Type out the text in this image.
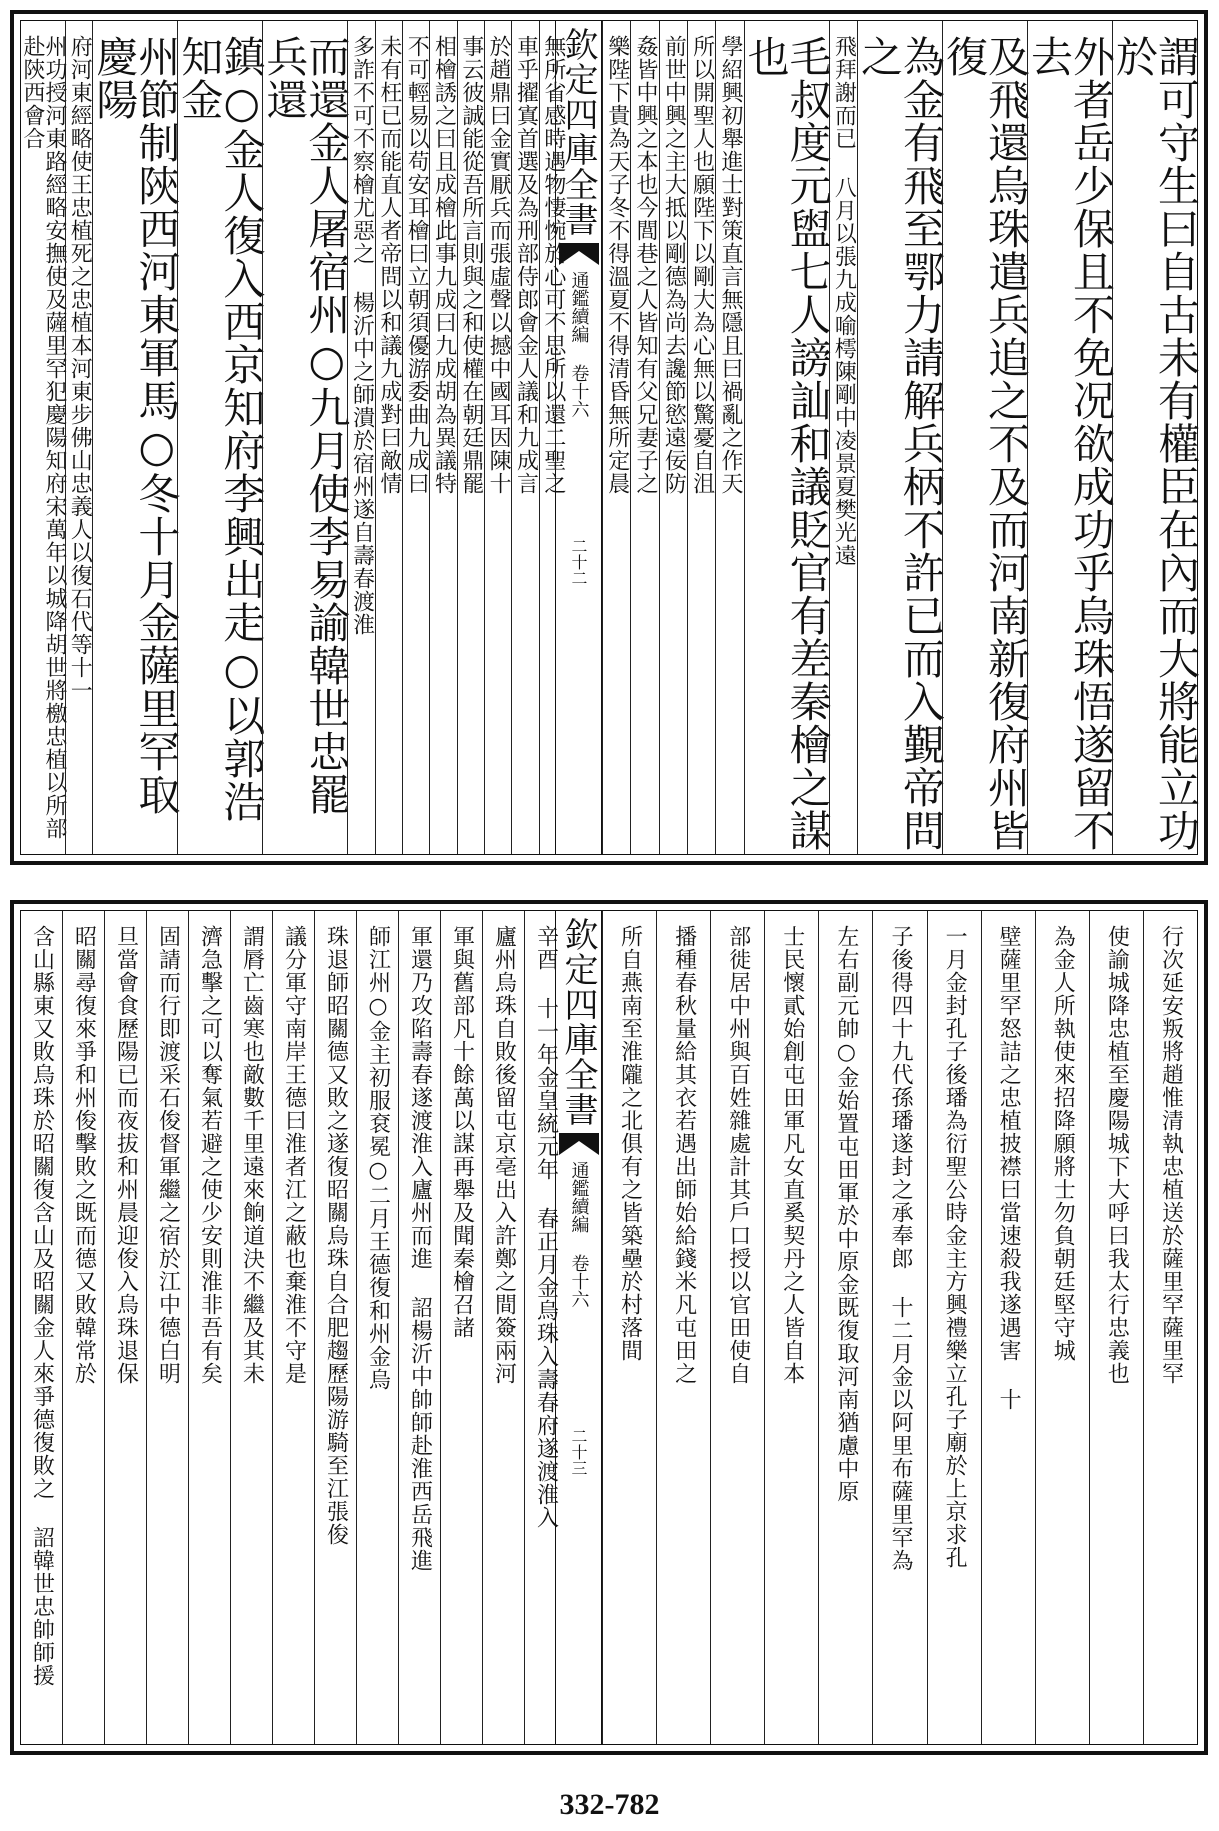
謂可守生曰自古未有權臣在內而大將能立功於
外者岳少保且不免况欲成功乎烏珠悟遂留不去
及飛還烏珠遣兵追之不及而河南新復府州皆復
為金有飛至鄂力請解兵柄不許已而入覲帝問之
飛拜謝而已 八月以張九成喻樗陳剛中凌景夏樊光遠
毛叔度元盥七人謗訕和議貶官有差秦檜之謀也
學紹興初舉進士對策直言無隱且曰禍亂之作天
所以開聖人也願陛下以剛大為心無以驚憂自沮
前世中興之主大抵以剛德為尚去讒節慾遠佞防
姦皆中興之本也今閭巷之人皆知有父兄妻子之
樂陛下貴為天子冬不得溫夏不得清昏無所定晨
欽定四庫全書
通鑑續編 卷十六
二十二
無所省感時遇物悽惋於心可不思所以還二聖之
車乎擢寘首選及為刑部侍郎會金人議和九成言
於趙鼎曰金實厭兵而張虛聲以撼中國耳因陳十
事云彼誠能從吾所言則與之和使權在朝廷鼎罷
相檜誘之曰且成檜此事九成曰九成胡為異議特
不可輕易以苟安耳檜曰立朝須優游委曲九成曰
未有枉已而能直人者帝問以和議九成對曰敵情
多詐不可不察檜尤惡之 楊沂中之師潰於宿州遂自壽春渡淮
而還金人屠宿州○九月使李易諭韓世忠罷兵還
鎮○金人復入西京知府李興出走○以郭浩知金
州節制陝西河東軍馬○冬十月金薩里罕取慶陽
府河東經略使王忠植死之忠植本河東步佛山忠義人以復石代等十一
州功授河東路經略安撫使及薩里罕犯慶陽知府宋萬年以城降胡世將檄忠植以所部赴陝西會合
行次延安叛將趙惟清執忠植送於薩里罕薩里罕
使諭城降忠植至慶陽城下大呼曰我太行忠義也
為金人所執使來招降願將士勿負朝廷堅守城
壁薩里罕怒詰之忠植披襟曰當速殺我遂遇害 十
一月金封孔子後璠為衍聖公時金主方興禮樂立孔子廟於上京求孔
子後得四十九代孫璠遂封之承奉郎 十二月金以阿里布薩里罕為
左右副元帥○金始置屯田軍於中原金既復取河南猶慮中原
士民懷貳始創屯田軍凡女直奚契丹之人皆自本
部徙居中州與百姓雜處計其戶口授以官田使自
播種春秋量給其衣若遇出師始給錢米凡屯田之
所自燕南至淮隴之北俱有之皆築壘於村落間
欽定四庫全書
通鑑續編 卷十六
二十三
辛酉 十一年金皇統元年 春正月金烏珠入壽春府遂渡淮入
廬州烏珠自敗後留屯京亳出入許鄭之間簽兩河
軍與舊部凡十餘萬以謀再舉及聞秦檜召諸
軍還乃攻陷壽春遂渡淮入廬州而進 詔楊沂中帥師赴淮西岳飛進
師江州○金主初服袞冕○二月王德復和州金烏
珠退師昭關德又敗之遂復昭關烏珠自合肥趨歷陽游騎至江張俊
議分軍守南岸王德曰淮者江之蔽也棄淮不守是
謂脣亡齒寒也敵數千里遠來餉道決不繼及其未
濟急擊之可以奪氣若避之使少安則淮非吾有矣
固請而行即渡采石俊督軍繼之宿於江中德白明
旦當會食歷陽已而夜拔和州晨迎俊入烏珠退保
昭關尋復來爭和州俊擊敗之既而德又敗韓常於
含山縣東又敗烏珠於昭關復含山及昭關金人來爭德復敗之 詔韓世忠帥師援
332-782
